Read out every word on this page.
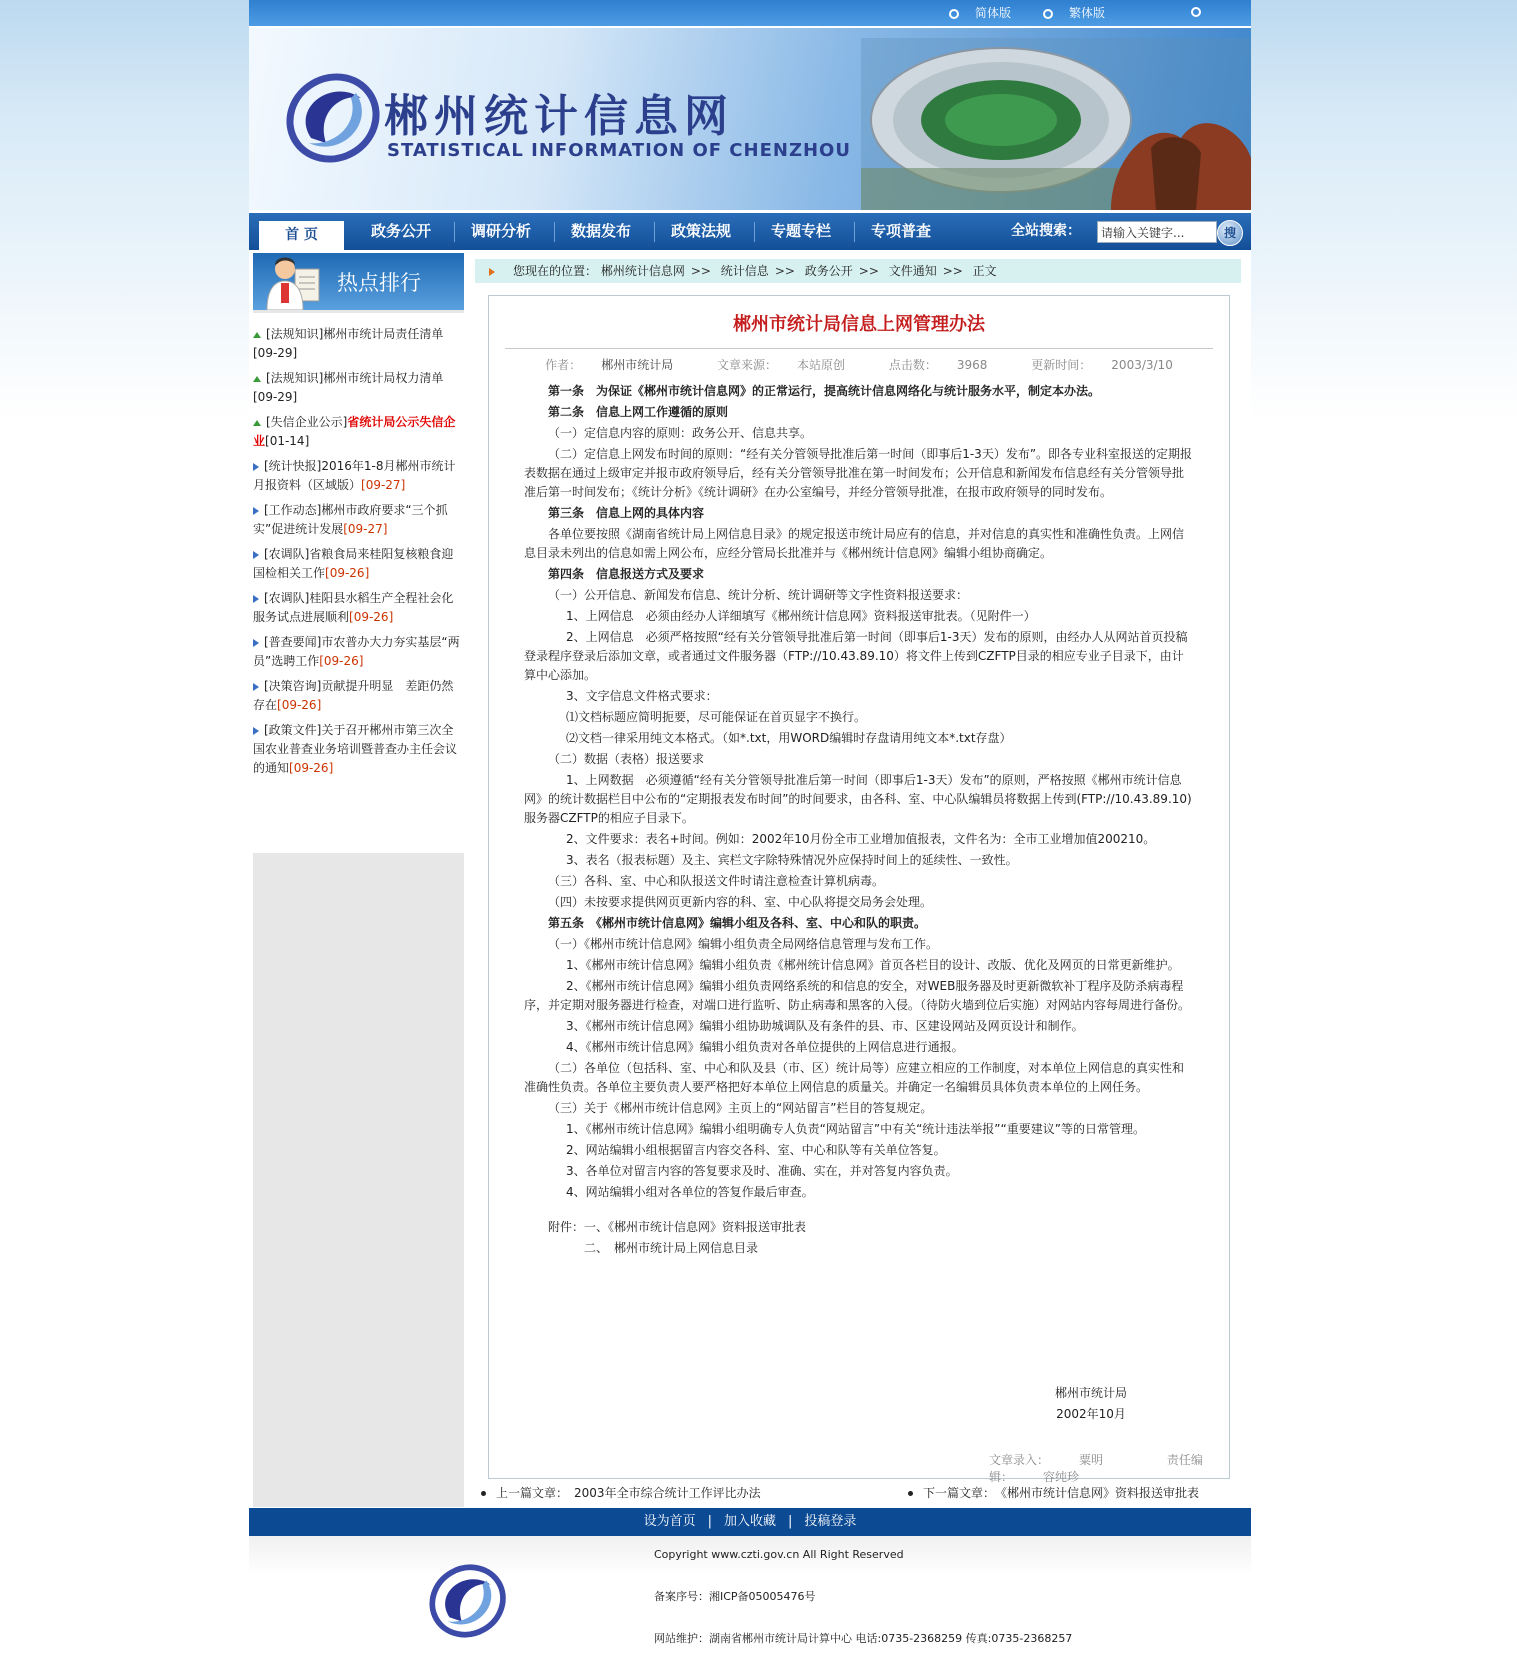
简体版	繁体版
郴州统计信息网
STATISTICAL INFORMATION OF CHENZHOU
首 页	政务公开	调研分析	数据发布	政策法规	专题专栏	专项普查	全站搜索：
请输入关键字...	搜
热点排行
[法规知识]郴州市统计局责任清单
[09-29]
[法规知识]郴州市统计局权力清单
[09-29]
[失信企业公示]省统计局公示失信企业[01-14]
[统计快报]2016年1-8月郴州市统计月报资料（区域版）[09-27]
[工作动态]郴州市政府要求“三个抓实”促进统计发展[09-27]
[农调队]省粮食局来桂阳复核粮食迎国检相关工作[09-26]
[农调队]桂阳县水稻生产全程社会化服务试点进展顺利[09-26]
[普查要闻]市农普办大力夯实基层“两员”选聘工作[09-26]
[决策咨询]贡献提升明显　差距仍然存在[09-26]
[政策文件]关于召开郴州市第三次全国农业普查业务培训暨普查办主任会议的通知[09-26]
您现在的位置： 郴州统计信息网 >> 统计信息 >> 政务公开 >> 文件通知 >> 正文
郴州市统计局信息上网管理办法
作者： 郴州市统计局	文章来源： 本站原创	点击数： 3968	更新时间： 2003/3/10

第一条　为保证《郴州市统计信息网》的正常运行，提高统计信息网络化与统计服务水平，制定本办法。

第二条　信息上网工作遵循的原则

（一）定信息内容的原则：政务公开、信息共享。

（二）定信息上网发布时间的原则：“经有关分管领导批准后第一时间（即事后1-3天）发布”。即各专业科室报送的定期报表数据在通过上级审定并报市政府领导后，经有关分管领导批准在第一时间发布；公开信息和新闻发布信息经有关分管领导批准后第一时间发布；《统计分析》《统计调研》在办公室编号，并经分管领导批准，在报市政府领导的同时发布。

第三条　信息上网的具体内容

各单位要按照《湖南省统计局上网信息目录》的规定报送市统计局应有的信息，并对信息的真实性和准确性负责。上网信息目录未列出的信息如需上网公布，应经分管局长批准并与《郴州统计信息网》编辑小组协商确定。

第四条　信息报送方式及要求

（一）公开信息、新闻发布信息、统计分析、统计调研等文字性资料报送要求：

1、上网信息　必须由经办人详细填写《郴州统计信息网》资料报送审批表。（见附件一）

2、上网信息　必须严格按照“经有关分管领导批准后第一时间（即事后1-3天）发布的原则，由经办人从网站首页投稿登录程序登录后添加文章，或者通过文件服务器（FTP://10.43.89.10）将文件上传到CZFTP目录的相应专业子目录下，由计算中心添加。

3、文字信息文件格式要求：

⑴文档标题应简明扼要，尽可能保证在首页显字不换行。

⑵文档一律采用纯文本格式。（如*.txt，用WORD编辑时存盘请用纯文本*.txt存盘）

（二）数据（表格）报送要求

1、上网数据　必须遵循“经有关分管领导批准后第一时间（即事后1-3天）发布”的原则，严格按照《郴州市统计信息网》的统计数据栏目中公布的“定期报表发布时间”的时间要求，由各科、室、中心队编辑员将数据上传到(FTP://10.43.89.10)服务器CZFTP的相应子目录下。

2、文件要求：表名+时间。例如：2002年10月份全市工业增加值报表，文件名为：全市工业增加值200210。

3、表名（报表标题）及主、宾栏文字除特殊情况外应保持时间上的延续性、一致性。

（三）各科、室、中心和队报送文件时请注意检查计算机病毒。

（四）未按要求提供网页更新内容的科、室、中心队将提交局务会处理。

第五条　《郴州市统计信息网》编辑小组及各科、室、中心和队的职责。

（一）《郴州市统计信息网》编辑小组负责全局网络信息管理与发布工作。

1、《郴州市统计信息网》编辑小组负责《郴州统计信息网》首页各栏目的设计、改版、优化及网页的日常更新维护。

2、《郴州市统计信息网》编辑小组负责网络系统的和信息的安全，对WEB服务器及时更新微软补丁程序及防杀病毒程序，并定期对服务器进行检查，对端口进行监听、防止病毒和黑客的入侵。（待防火墙到位后实施）对网站内容每周进行备份。

3、《郴州市统计信息网》编辑小组协助城调队及有条件的县、市、区建设网站及网页设计和制作。

4、《郴州市统计信息网》编辑小组负责对各单位提供的上网信息进行通报。

（二）各单位（包括科、室、中心和队及县（市、区）统计局等）应建立相应的工作制度，对本单位上网信息的真实性和准确性负责。各单位主要负责人要严格把好本单位上网信息的质量关。并确定一名编辑员具体负责本单位的上网任务。

（三）关于《郴州市统计信息网》主页上的“网站留言”栏目的答复规定。

1、《郴州市统计信息网》编辑小组明确专人负责“网站留言”中有关“统计违法举报”“重要建议”等的日常管理。

2、网站编辑小组根据留言内容交各科、室、中心和队等有关单位答复。

3、各单位对留言内容的答复要求及时、准确、实在，并对答复内容负责。

4、网站编辑小组对各单位的答复作最后审查。

附件：一、《郴州市统计信息网》资料报送审批表

二、　郴州市统计局上网信息目录

郴州市统计局
2002年10月
文章录入：	粟明	责任编辑：	容纯珍
上一篇文章：　 2003年全市综合统计工作评比办法	下一篇文章：　 《郴州市统计信息网》资料报送审批表
设为首页 | 加入收藏 | 投稿登录
Copyright www.czti.gov.cn All Right Reserved
备案序号：湘ICP备05005476号
网站维护：湖南省郴州市统计局计算中心 电话:0735-2368259 传真:0735-2368257
